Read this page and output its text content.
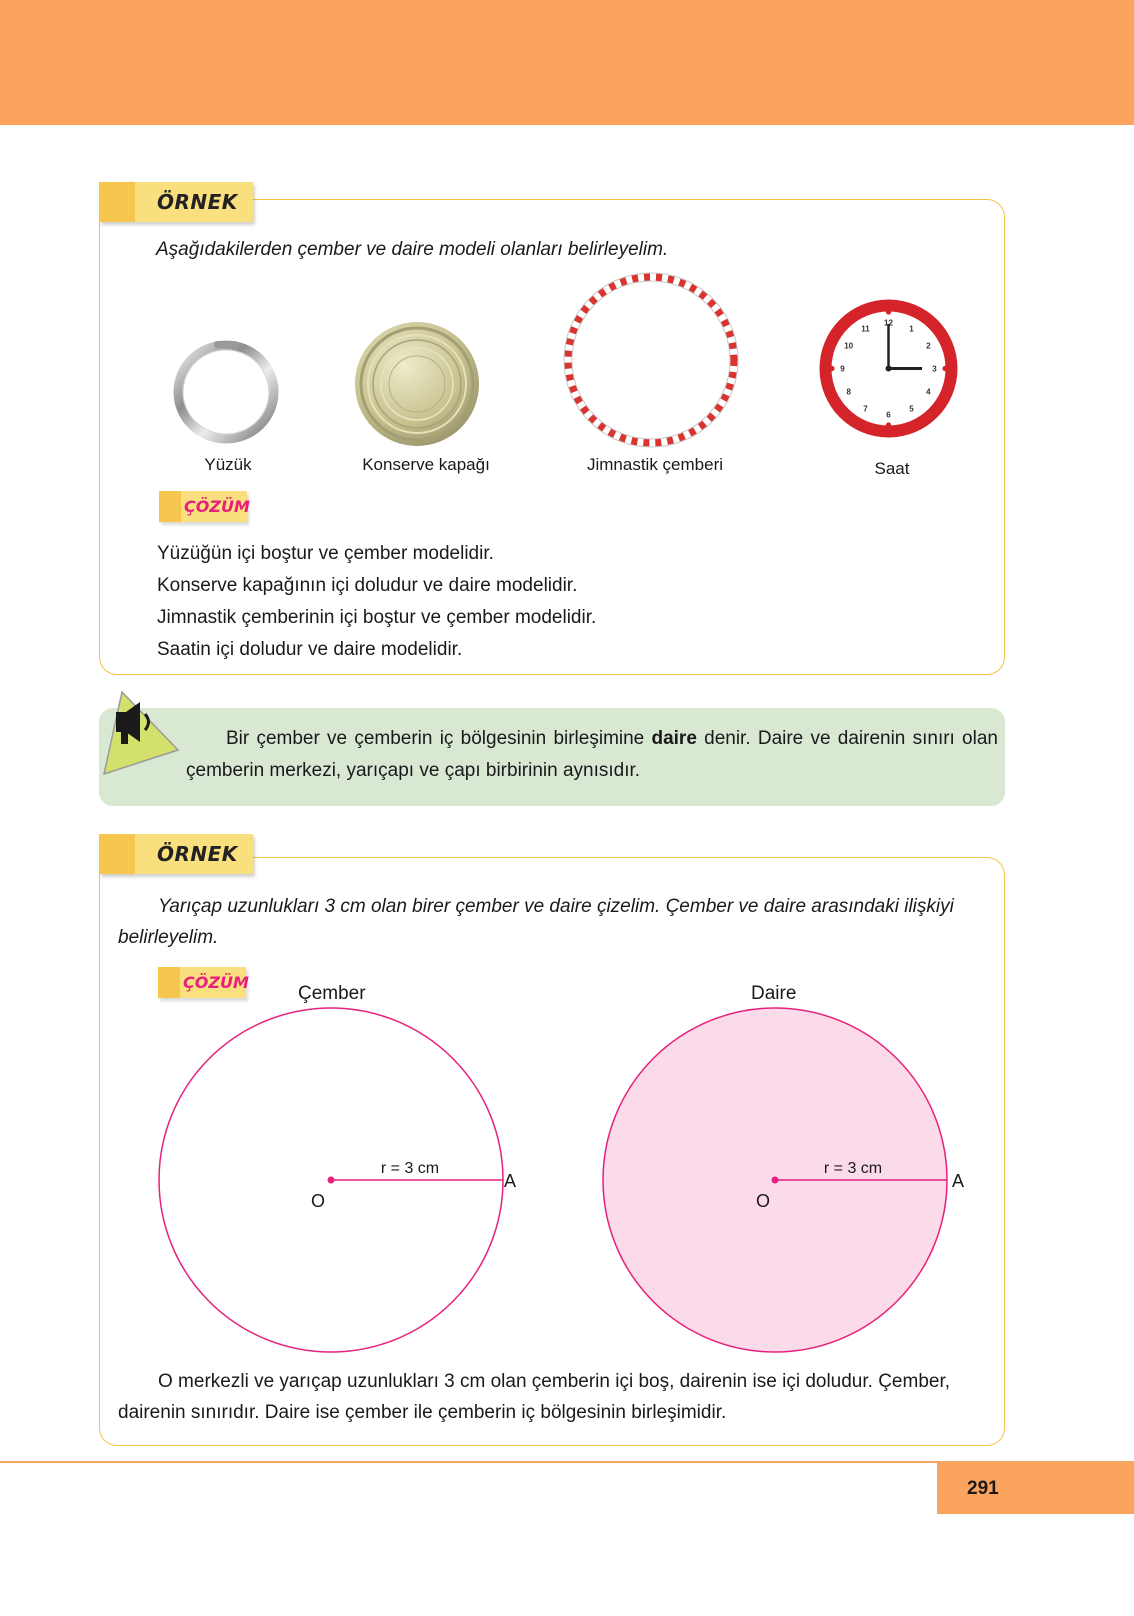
ÖRNEK
Aşağıdakilerden çember ve daire modeli olanları belirleyelim.
12
1
2
3
4
5
6
7
8
9
10
11
Yüzük	Konserve kapağı	Jimnastik çemberi	Saat
ÇÖZÜM
Yüzüğün içi boştur ve çember modelidir.
Konserve kapağının içi doludur ve daire modelidir.
Jimnastik çemberinin içi boştur ve çember modelidir.
Saatin içi doludur ve daire modelidir.
Bir çember ve çemberin iç bölgesinin birleşimine daire denir. Daire ve dairenin sınırı olan çemberin merkezi, yarıçapı ve çapı birbirinin aynısıdır.
ÖRNEK
Yarıçap uzunlukları 3 cm olan birer çember ve daire çizelim. Çember ve daire arasındaki ilişkiyi belirleyelim.
ÇÖZÜM
Çember	Daire
r = 3 cm
O
A
r = 3 cm
O
A
O merkezli ve yarıçap uzunlukları 3 cm olan çemberin içi boş, dairenin ise içi doludur. Çember, dairenin sınırıdır. Daire ise çember ile çemberin iç bölgesinin birleşimidir.
291
